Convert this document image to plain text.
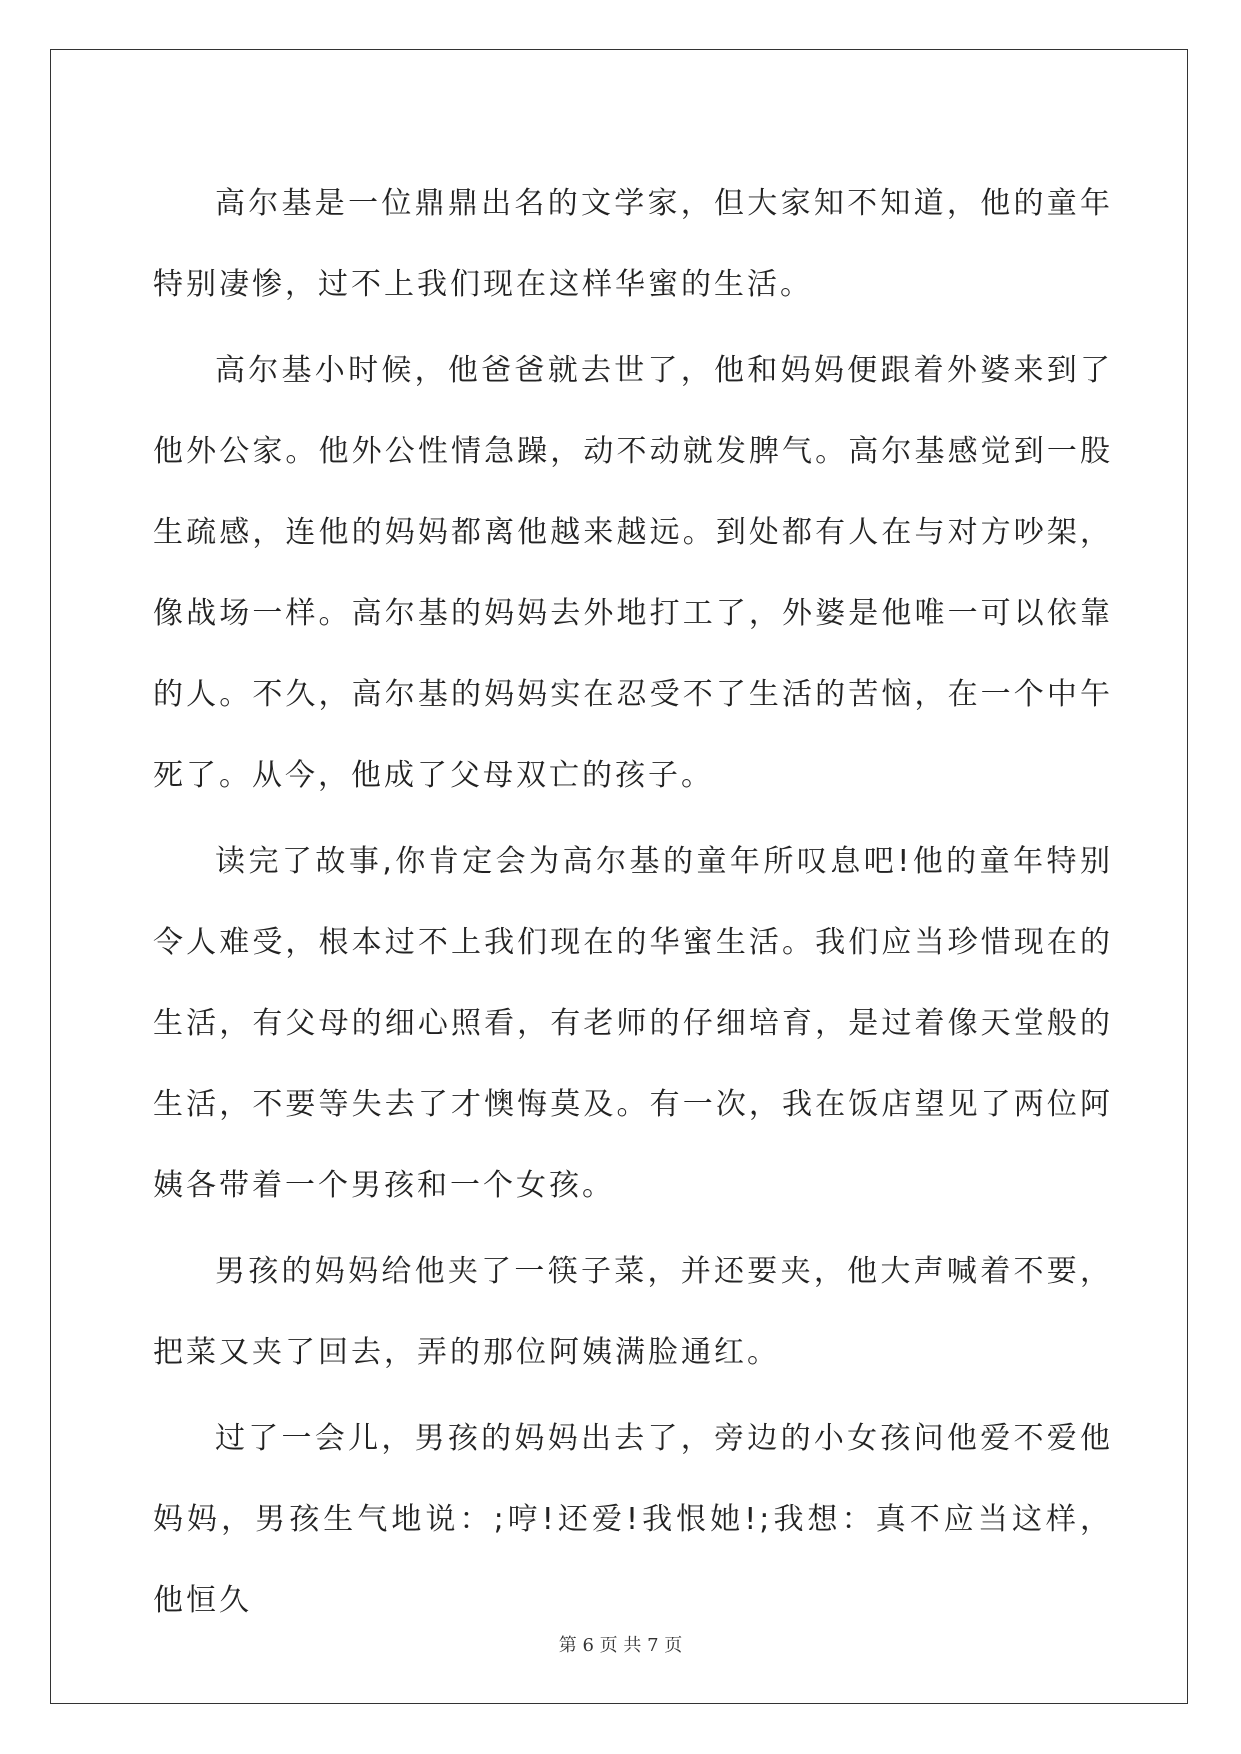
高尔基是一位鼎鼎出名的文学家，但大家知不知道，他的童年特别凄惨，过不上我们现在这样华蜜的生活。

高尔基小时候，他爸爸就去世了，他和妈妈便跟着外婆来到了他外公家。他外公性情急躁，动不动就发脾气。高尔基感觉到一股生疏感，连他的妈妈都离他越来越远。到处都有人在与对方吵架，像战场一样。高尔基的妈妈去外地打工了，外婆是他唯一可以依靠的人。不久，高尔基的妈妈实在忍受不了生活的苦恼，在一个中午死了。从今，他成了父母双亡的孩子。

读完了故事,你肯定会为高尔基的童年所叹息吧!他的童年特别令人难受，根本过不上我们现在的华蜜生活。我们应当珍惜现在的生活，有父母的细心照看，有老师的仔细培育，是过着像天堂般的生活，不要等失去了才懊悔莫及。有一次，我在饭店望见了两位阿姨各带着一个男孩和一个女孩。

男孩的妈妈给他夹了一筷子菜，并还要夹，他大声喊着不要，把菜又夹了回去，弄的那位阿姨满脸通红。

过了一会儿，男孩的妈妈出去了，旁边的小女孩问他爱不爱他妈妈，男孩生气地说：;哼!还爱!我恨她!;我想：真不应当这样，他恒久

第 6 页 共 7 页
